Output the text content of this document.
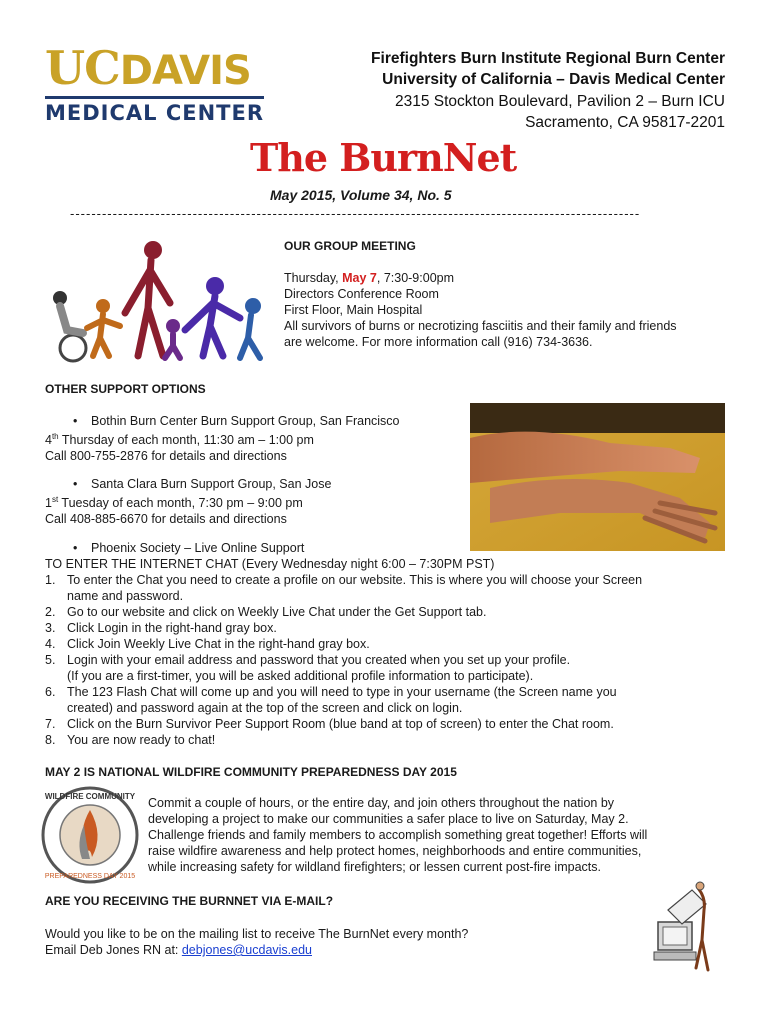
UCDAVIS
MEDICAL CENTER
Firefighters Burn Institute Regional Burn Center
University of California – Davis Medical Center
2315 Stockton Boulevard, Pavilion 2 – Burn ICU
Sacramento, CA 95817-2201
The BurnNet
May 2015, Volume 34, No. 5
-----------------------------------------------------------------------------------------------------------
OUR GROUP MEETING
Thursday, May 7, 7:30-9:00pm
Directors Conference Room
First Floor, Main Hospital
All survivors of burns or necrotizing fasciitis and their family and friends
are welcome. For more information call (916) 734-3636.
OTHER SUPPORT OPTIONS
• Bothin Burn Center Burn Support Group, San Francisco
4th Thursday of each month, 11:30 am – 1:00 pm
Call 800-755-2876 for details and directions
• Santa Clara Burn Support Group, San Jose
1st Tuesday of each month, 7:30 pm – 9:00 pm
Call 408-885-6670 for details and directions
• Phoenix Society – Live Online Support
TO ENTER THE INTERNET CHAT (Every Wednesday night 6:00 – 7:30PM PST)
1. To enter the Chat you need to create a profile on our website. This is where you will choose your Screen
name and password.
2. Go to our website and click on Weekly Live Chat under the Get Support tab.
3. Click Login in the right-hand gray box.
4. Click Join Weekly Live Chat in the right-hand gray box.
5. Login with your email address and password that you created when you set up your profile.
(If you are a first-timer, you will be asked additional profile information to participate).
6. The 123 Flash Chat will come up and you will need to type in your username (the Screen name you
created) and password again at the top of the screen and click on login.
7. Click on the Burn Survivor Peer Support Room (blue band at top of screen) to enter the Chat room.
8. You are now ready to chat!
MAY 2 IS NATIONAL WILDFIRE COMMUNITY PREPAREDNESS DAY 2015
WILDFIRE COMMUNITY
PREPAREDNESS DAY 2015
Commit a couple of hours, or the entire day, and join others throughout the nation by
developing a project to make our communities a safer place to live on Saturday, May 2.
Challenge friends and family members to accomplish something great together! Efforts will
raise wildfire awareness and help protect homes, neighborhoods and entire communities,
while increasing safety for wildland firefighters; or lessen current post-fire impacts.
ARE YOU RECEIVING THE BURNNET VIA E-MAIL?
Would you like to be on the mailing list to receive The BurnNet every month?
Email Deb Jones RN at: debjones@ucdavis.edu
